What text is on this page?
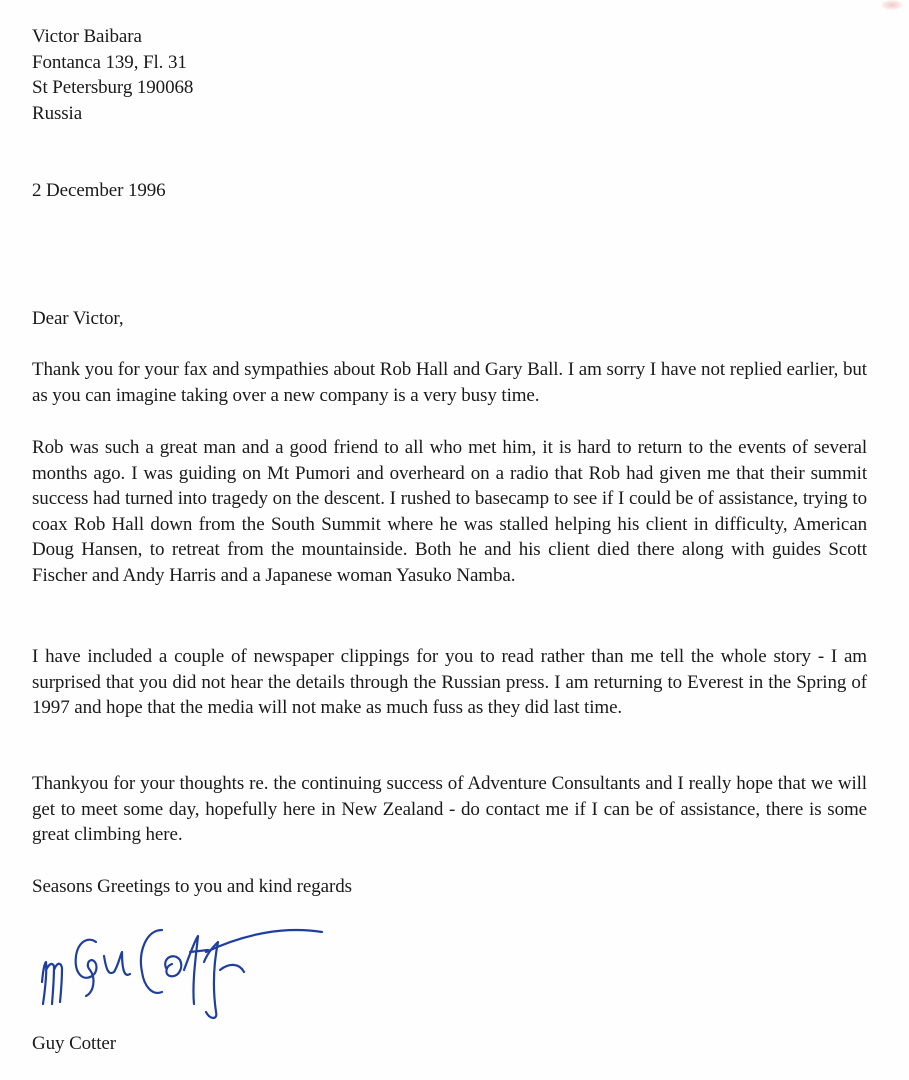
Victor Baibara
Fontanca 139, Fl. 31
St Petersburg 190068
Russia
2 December 1996
Dear Victor,
Thank you for your fax and sympathies about Rob Hall and Gary Ball. I am sorry I have not replied earlier, but as you can imagine taking over a new company is a very busy time.
Rob was such a great man and a good friend to all who met him, it is hard to return to the events of several months ago. I was guiding on Mt Pumori and overheard on a radio that Rob had given me that their summit success had turned into tragedy on the descent. I rushed to basecamp to see if I could be of assistance, trying to coax Rob Hall down from the South Summit where he was stalled helping his client in difficulty, American Doug Hansen, to retreat from the mountainside. Both he and his client died there along with guides Scott Fischer and Andy Harris and a Japanese woman Yasuko Namba.
I have included a couple of newspaper clippings for you to read rather than me tell the whole story - I am surprised that you did not hear the details through the Russian press. I am returning to Everest in the Spring of 1997 and hope that the media will not make as much fuss as they did last time.
Thankyou for your thoughts re. the continuing success of Adventure Consultants and I really hope that we will get to meet some day, hopefully here in New Zealand - do contact me if I can be of assistance, there is some great climbing here.
Seasons Greetings to you and kind regards
Guy Cotter
